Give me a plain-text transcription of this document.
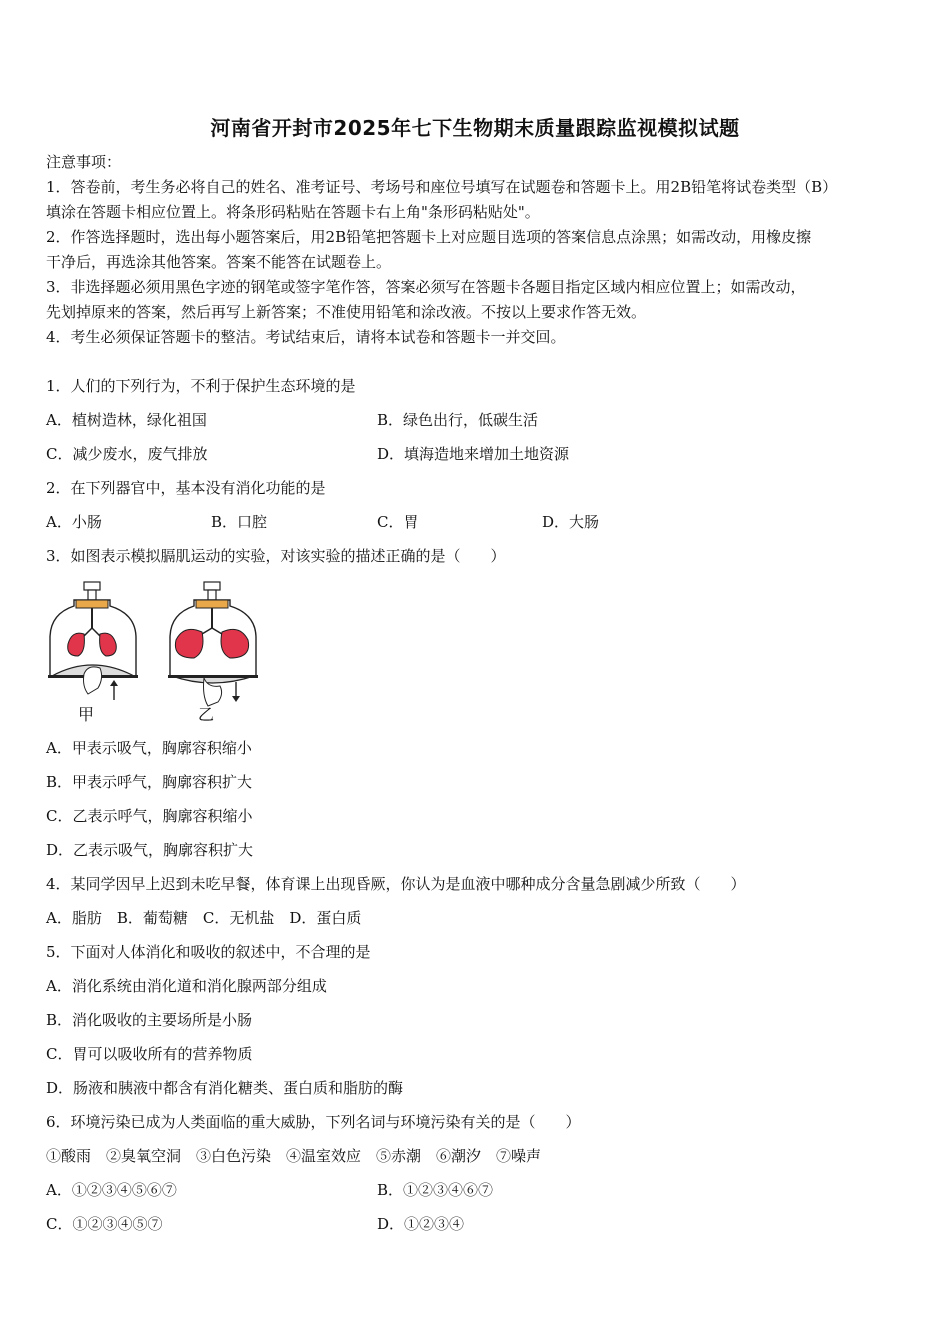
河南省开封市2025年七下生物期末质量跟踪监视模拟试题
注意事项：
1．答卷前，考生务必将自己的姓名、准考证号、考场号和座位号填写在试题卷和答题卡上。用2B铅笔将试卷类型（B）
填涂在答题卡相应位置上。将条形码粘贴在答题卡右上角"条形码粘贴处"。
2．作答选择题时，选出每小题答案后，用2B铅笔把答题卡上对应题目选项的答案信息点涂黑；如需改动，用橡皮擦
干净后，再选涂其他答案。答案不能答在试题卷上。
3．非选择题必须用黑色字迹的钢笔或签字笔作答，答案必须写在答题卡各题目指定区域内相应位置上；如需改动，
先划掉原来的答案，然后再写上新答案；不准使用铅笔和涂改液。不按以上要求作答无效。
4．考生必须保证答题卡的整洁。考试结束后，请将本试卷和答题卡一并交回。
1．人们的下列行为，不利于保护生态环境的是
A．植树造林，绿化祖国	B．绿色出行，低碳生活
C．减少废水，废气排放	D．填海造地来增加土地资源
2．在下列器官中，基本没有消化功能的是
A．小肠	B．口腔	C．胃	D．大肠
3．如图表示模拟膈肌运动的实验，对该实验的描述正确的是（　　）
甲	乙
A．甲表示吸气，胸廓容积缩小
B．甲表示呼气，胸廓容积扩大
C．乙表示呼气，胸廓容积缩小
D．乙表示吸气，胸廓容积扩大
4．某同学因早上迟到未吃早餐，体育课上出现昏厥，你认为是血液中哪种成分含量急剧减少所致（　　）
A．脂肪　B．葡萄糖　C．无机盐　D．蛋白质
5．下面对人体消化和吸收的叙述中，不合理的是
A．消化系统由消化道和消化腺两部分组成
B．消化吸收的主要场所是小肠
C．胃可以吸收所有的营养物质
D．肠液和胰液中都含有消化糖类、蛋白质和脂肪的酶
6．环境污染已成为人类面临的重大威胁，下列名词与环境污染有关的是（　　）
①酸雨　②臭氧空洞　③白色污染　④温室效应　⑤赤潮　⑥潮汐　⑦噪声
A．①②③④⑤⑥⑦	B．①②③④⑥⑦
C．①②③④⑤⑦	D．①②③④
